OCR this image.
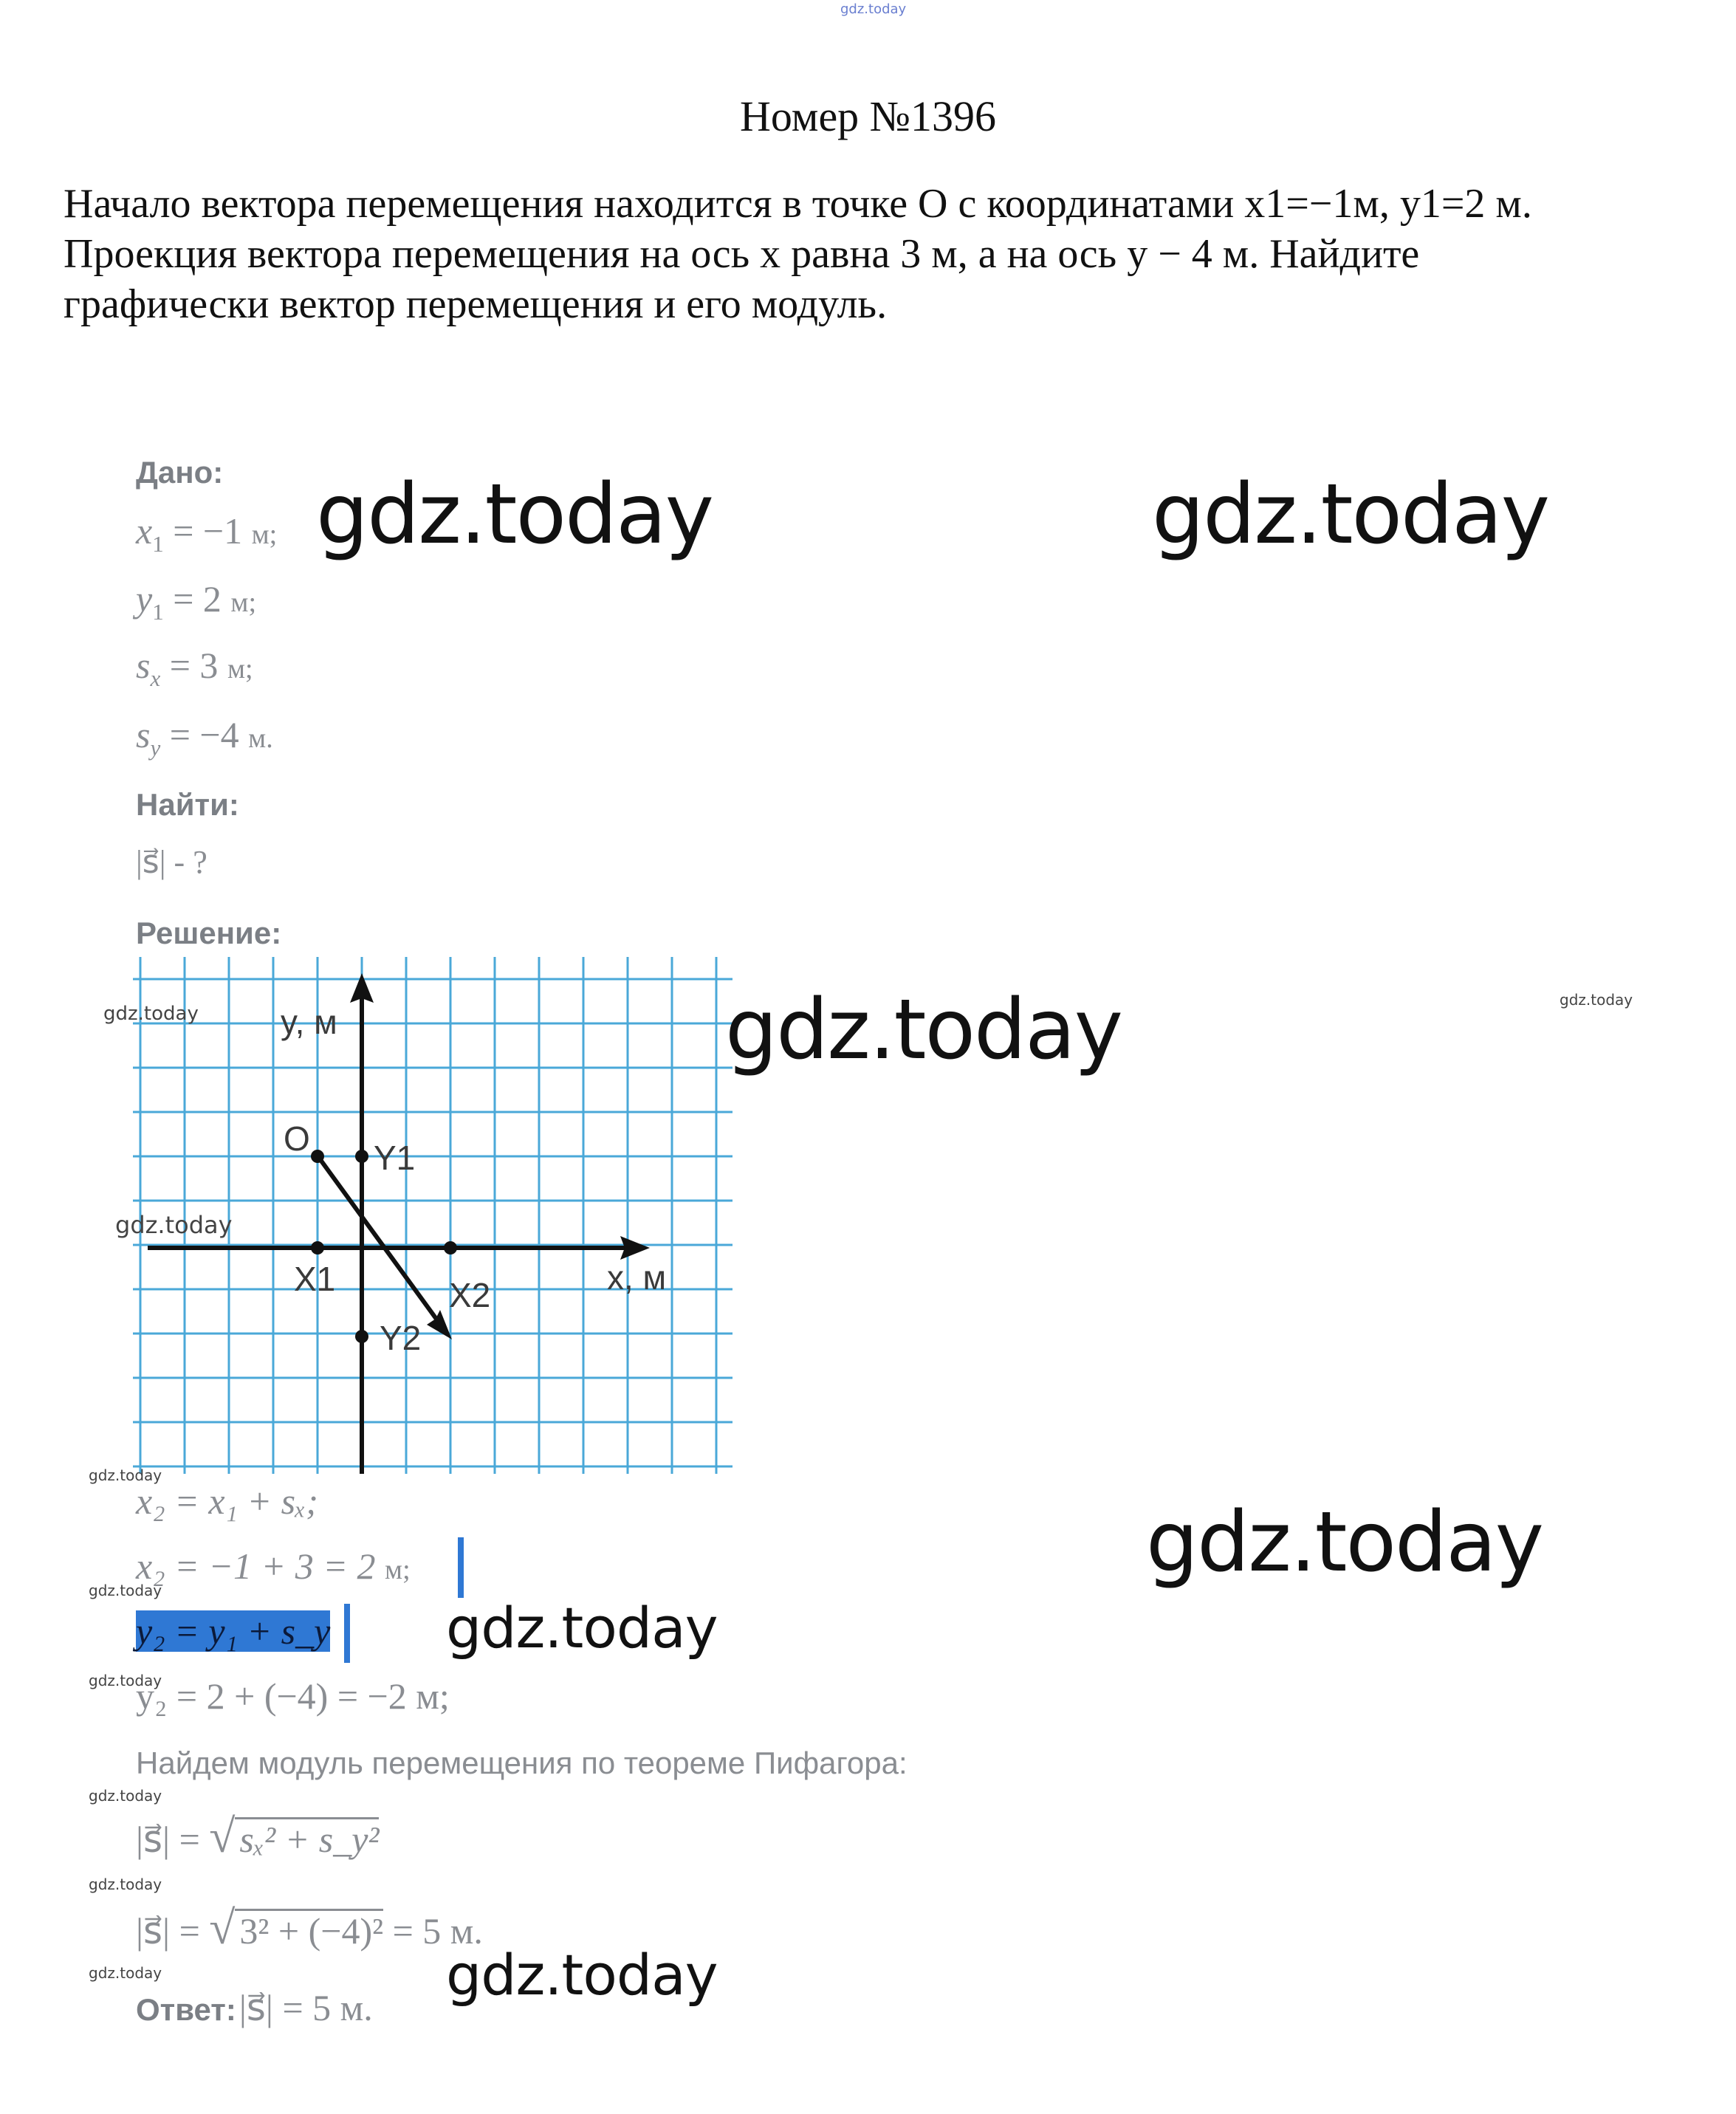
gdz.today
Номер №1396
Начало вектора перемещения находится в точке O с координатами x1=−1м, y1=2 м.
Проекция вектора перемещения на ось x равна 3 м, а на ось y − 4 м. Найдите
графически вектор перемещения и его модуль.
Дано:
$x_1 = -1$ м;
$y_1 = 2$ м;
$s_x = 3$ м;
$s_y = -4$ м.
Найти:
|s⃗| - ?
Решение:
y, м
x, м
O Y1
X1	X2
Y2
x₂ = x₁ + sₓ;
x₂ = −1 + 3 = 2 м;
y₂ = y₁ + s_y
y₂ = 2 + (−4) = −2 м;
Найдем модуль перемещения по теореме Пифагора:
|s⃗| = √ sₓ² + s_y²
|s⃗| = √ 3² + (−4)² = 5 м.
Ответ: |s⃗| = 5 м.
gdz.today	gdz.today
gdz.today
gdz.today
gdz.today
gdz.today
gdz.today
gdz.today
gdz.today
gdz.today
gdz.today
gdz.today
gdz.today
gdz.today
gdz.today
